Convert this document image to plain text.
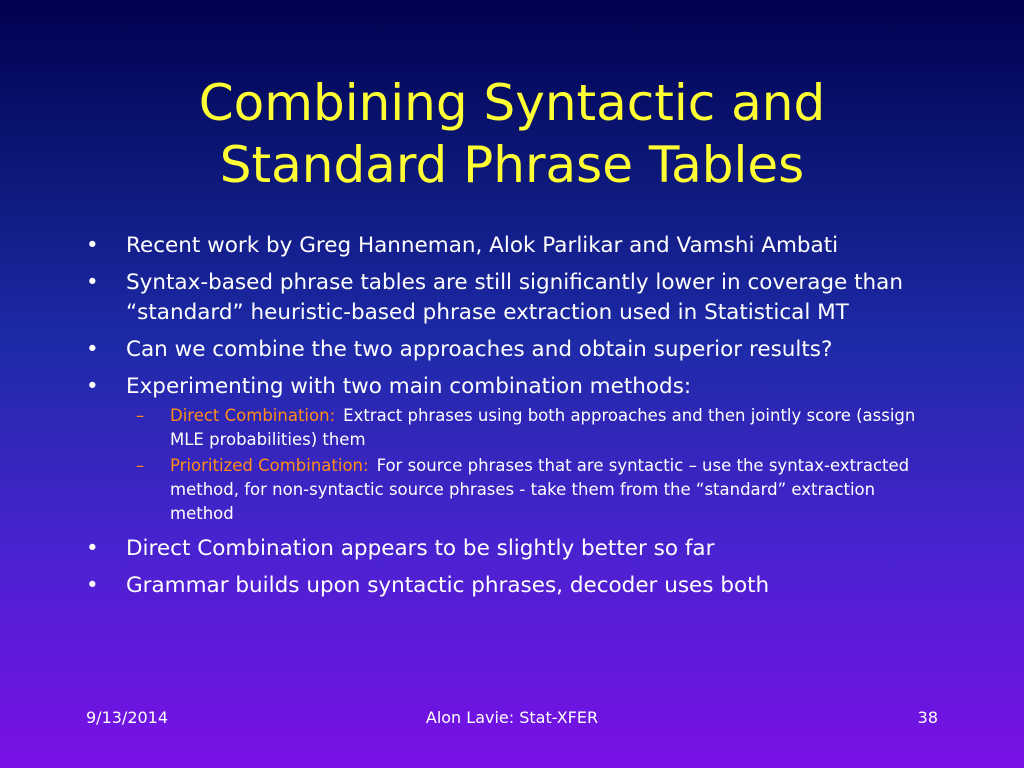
Combining Syntactic and
Standard Phrase Tables
• Recent work by Greg Hanneman, Alok Parlikar and Vamshi Ambati
• Syntax-based phrase tables are still significantly lower in coverage than “standard” heuristic-based phrase extraction used in Statistical MT
• Can we combine the two approaches and obtain superior results?
• Experimenting with two main combination methods:
– Direct Combination: Extract phrases using both approaches and then jointly score (assign MLE probabilities) them
– Prioritized Combination: For source phrases that are syntactic – use the syntax-extracted method, for non-syntactic source phrases - take them from the “standard” extraction method
• Direct Combination appears to be slightly better so far
• Grammar builds upon syntactic phrases, decoder uses both
9/13/2014	Alon Lavie: Stat-XFER	38
